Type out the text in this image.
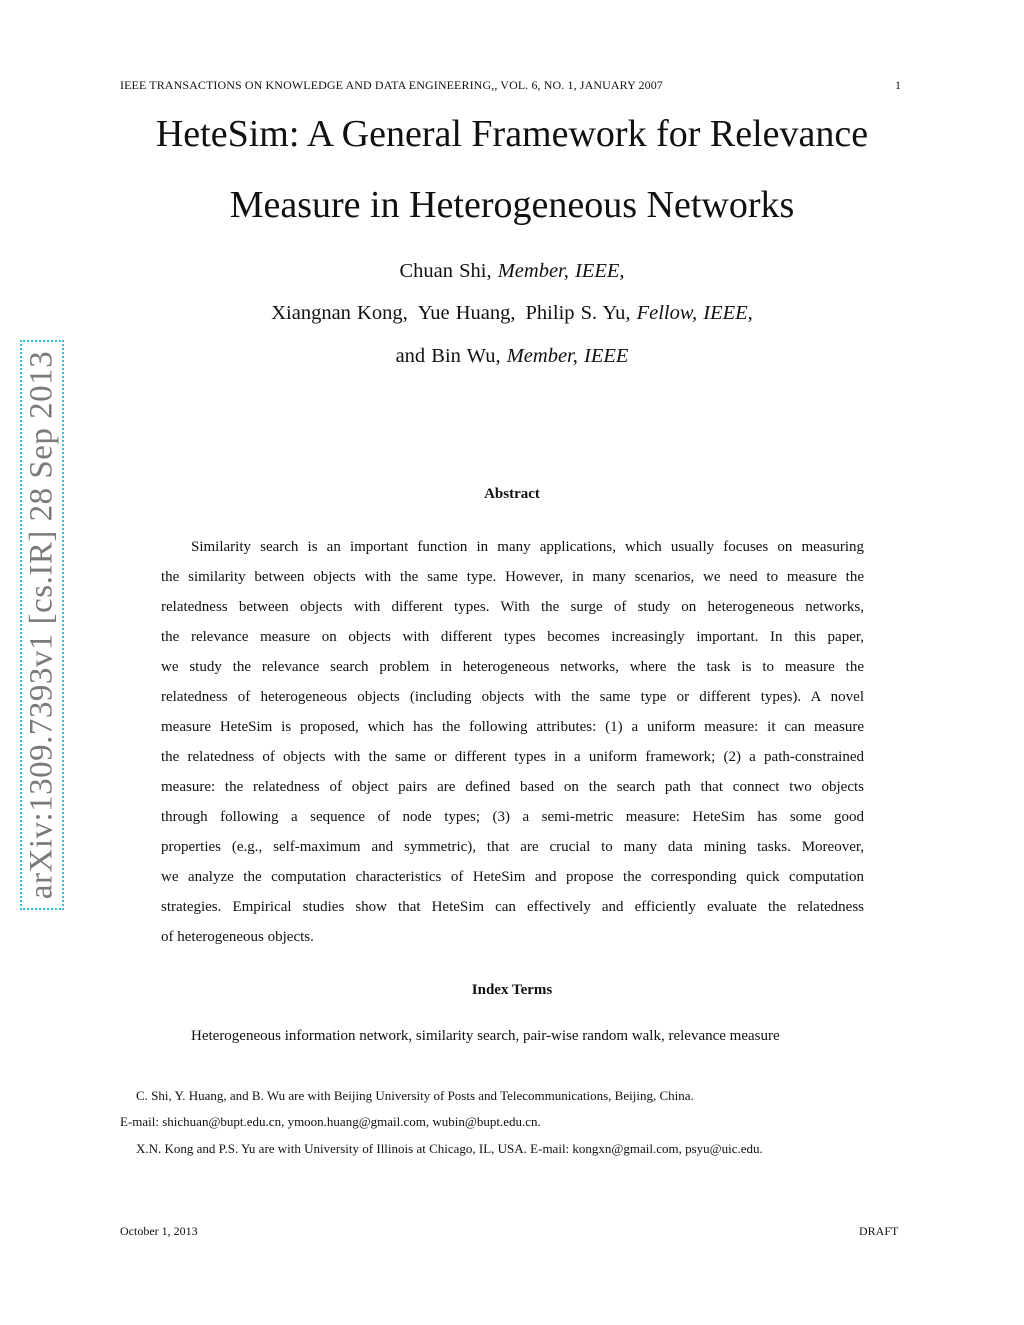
IEEE TRANSACTIONS ON KNOWLEDGE AND DATA ENGINEERING,, VOL. 6, NO. 1, JANUARY 2007	1
HeteSim: A General Framework for Relevance
Measure in Heterogeneous Networks
Chuan Shi, Member, IEEE,
Xiangnan Kong, Yue Huang, Philip S. Yu, Fellow, IEEE,
and Bin Wu, Member, IEEE
arXiv:1309.7393v1 [cs.IR] 28 Sep 2013	Abstract
Similarity search is an important function in many applications, which usually focuses on measuring
the similarity between objects with the same type. However, in many scenarios, we need to measure the
relatedness between objects with different types. With the surge of study on heterogeneous networks,
the relevance measure on objects with different types becomes increasingly important. In this paper,
we study the relevance search problem in heterogeneous networks, where the task is to measure the
relatedness of heterogeneous objects (including objects with the same type or different types). A novel
measure HeteSim is proposed, which has the following attributes: (1) a uniform measure: it can measure
the relatedness of objects with the same or different types in a uniform framework; (2) a path-constrained
measure: the relatedness of object pairs are defined based on the search path that connect two objects
through following a sequence of node types; (3) a semi-metric measure: HeteSim has some good
properties (e.g., self-maximum and symmetric), that are crucial to many data mining tasks. Moreover,
we analyze the computation characteristics of HeteSim and propose the corresponding quick computation
strategies. Empirical studies show that HeteSim can effectively and efficiently evaluate the relatedness
of heterogeneous objects.
Index Terms
Heterogeneous information network, similarity search, pair-wise random walk, relevance measure
C. Shi, Y. Huang, and B. Wu are with Beijing University of Posts and Telecommunications, Beijing, China.
E-mail: shichuan@bupt.edu.cn, ymoon.huang@gmail.com, wubin@bupt.edu.cn.
X.N. Kong and P.S. Yu are with University of Illinois at Chicago, IL, USA. E-mail: kongxn@gmail.com, psyu@uic.edu.
October 1, 2013	DRAFT
